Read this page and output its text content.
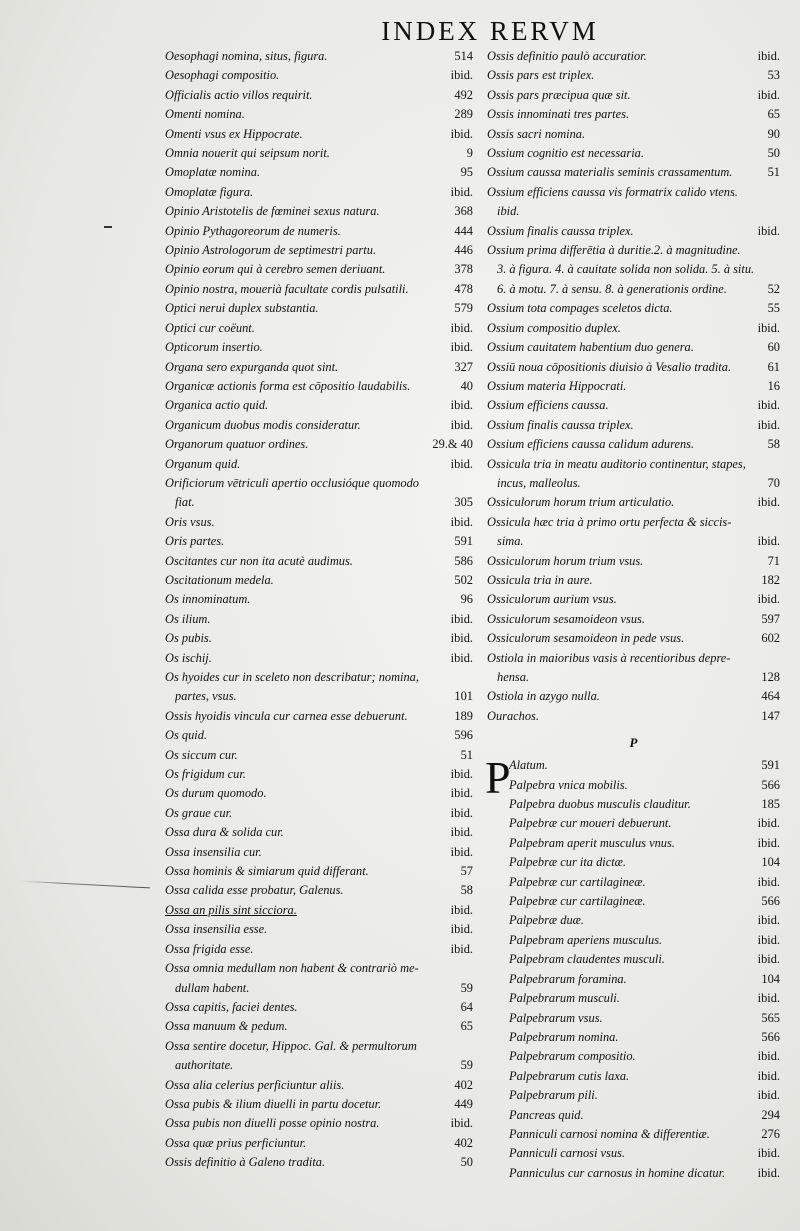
INDEX RERVM
Oesophagi nomina, situs, figura.	514
Oesophagi compositio.	ibid.
Officialis actio villos requirit.	492
Omenti nomina.	289
Omenti vsus ex Hippocrate.	ibid.
Omnia nouerit qui seipsum norit.	9
Omoplatæ nomina.	95
Omoplatæ figura.	ibid.
Opinio Aristotelis de fœminei sexus natura.	368
Opinio Pythagoreorum de numeris.	444
Opinio Astrologorum de septimestri partu.	446
Opinio eorum qui à cerebro semen deriuant.	378
Opinio nostra, mouerià facultate cordis pulsatili.	478
Optici nerui duplex substantia.	579
Optici cur coëunt.	ibid.
Opticorum insertio.	ibid.
Organa sero expurganda quot sint.	327
Organicæ actionis forma est cōpositio laudabilis.	40
Organica actio quid.	ibid.
Organicum duobus modis consideratur.	ibid.
Organorum quatuor ordines.	29.& 40
Organum quid.	ibid.
Orificiorum vētriculi apertio occlusióque quomodo
fiat.	305
Oris vsus.	ibid.
Oris partes.	591
Oscitantes cur non ita acutè audimus.	586
Oscitationum medela.	502
Os innominatum.	96
Os ilium.	ibid.
Os pubis.	ibid.
Os ischij.	ibid.
Os hyoides cur in sceleto non describatur; nomina,
partes, vsus.	101
Ossis hyoidis vincula cur carnea esse debuerunt.	189
Os quid.	596
Os siccum cur.	51
Os frigidum cur.	ibid.
Os durum quomodo.	ibid.
Os graue cur.	ibid.
Ossa dura & solida cur.	ibid.
Ossa insensilia cur.	ibid.
Ossa hominis & simiarum quid differant.	57
Ossa calida esse probatur, Galenus.	58
Ossa an pilis sint sicciora.	ibid.
Ossa insensilia esse.	ibid.
Ossa frigida esse.	ibid.
Ossa omnia medullam non habent & contrariò me-
dullam habent.	59
Ossa capitis, faciei dentes.	64
Ossa manuum & pedum.	65
Ossa sentire docetur, Hippoc. Gal. & permultorum
authoritate.	59
Ossa alia celerius perficiuntur aliis.	402
Ossa pubis & ilium diuelli in partu docetur.	449
Ossa pubis non diuelli posse opinio nostra.	ibid.
Ossa quæ prius perficiuntur.	402
Ossis definitio à Galeno tradita.	50
Ossis definitio paulò accuratior.	ibid.
Ossis pars est triplex.	53
Ossis pars præcipua quæ sit.	ibid.
Ossis innominati tres partes.	65
Ossis sacri nomina.	90
Ossium cognitio est necessaria.	50
Ossium caussa materialis seminis crassamentum.	51
Ossium efficiens caussa vis formatrix calido vtens.
ibid.
Ossium finalis caussa triplex.	ibid.
Ossium prima differētia à duritie.2. à magnitudine.
3. à figura. 4. à cauitate solida non solida. 5. à situ.
6. à motu. 7. à sensu. 8. à generationis ordine.	52
Ossium tota compages sceletos dicta.	55
Ossium compositio duplex.	ibid.
Ossium cauitatem habentium duo genera.	60
Ossiū noua cōpositionis diuisio à Vesalio tradita.	61
Ossium materia Hippocrati.	16
Ossium efficiens caussa.	ibid.
Ossium finalis caussa triplex.	ibid.
Ossium efficiens caussa calidum adurens.	58
Ossicula tria in meatu auditorio continentur, stapes,
incus, malleolus.	70
Ossiculorum horum trium articulatio.	ibid.
Ossicula hæc tria à primo ortu perfecta & siccis-
sima.	ibid.
Ossiculorum horum trium vsus.	71
Ossicula tria in aure.	182
Ossiculorum aurium vsus.	ibid.
Ossiculorum sesamoideon vsus.	597
Ossiculorum sesamoideon in pede vsus.	602
Ostiola in maioribus vasis à recentioribus depre-
hensa.	128
Ostiola in azygo nulla.	464
Ourachos.	147
P
P
Alatum.	591
Palpebra vnica mobilis.	566
Palpebra duobus musculis clauditur.	185
Palpebræ cur moueri debuerunt.	ibid.
Palpebram aperit musculus vnus.	ibid.
Palpebræ cur ita dictæ.	104
Palpebræ cur cartilagineæ.	ibid.
Palpebræ cur cartilagineæ.	566
Palpebræ duæ.	ibid.
Palpebram aperiens musculus.	ibid.
Palpebram claudentes musculi.	ibid.
Palpebrarum foramina.	104
Palpebrarum musculi.	ibid.
Palpebrarum vsus.	565
Palpebrarum nomina.	566
Palpebrarum compositio.	ibid.
Palpebrarum cutis laxa.	ibid.
Palpebrarum pili.	ibid.
Pancreas quid.	294
Panniculi carnosi nomina & differentiæ.	276
Panniculi carnosi vsus.	ibid.
Panniculus cur carnosus in homine dicatur.	ibid.
